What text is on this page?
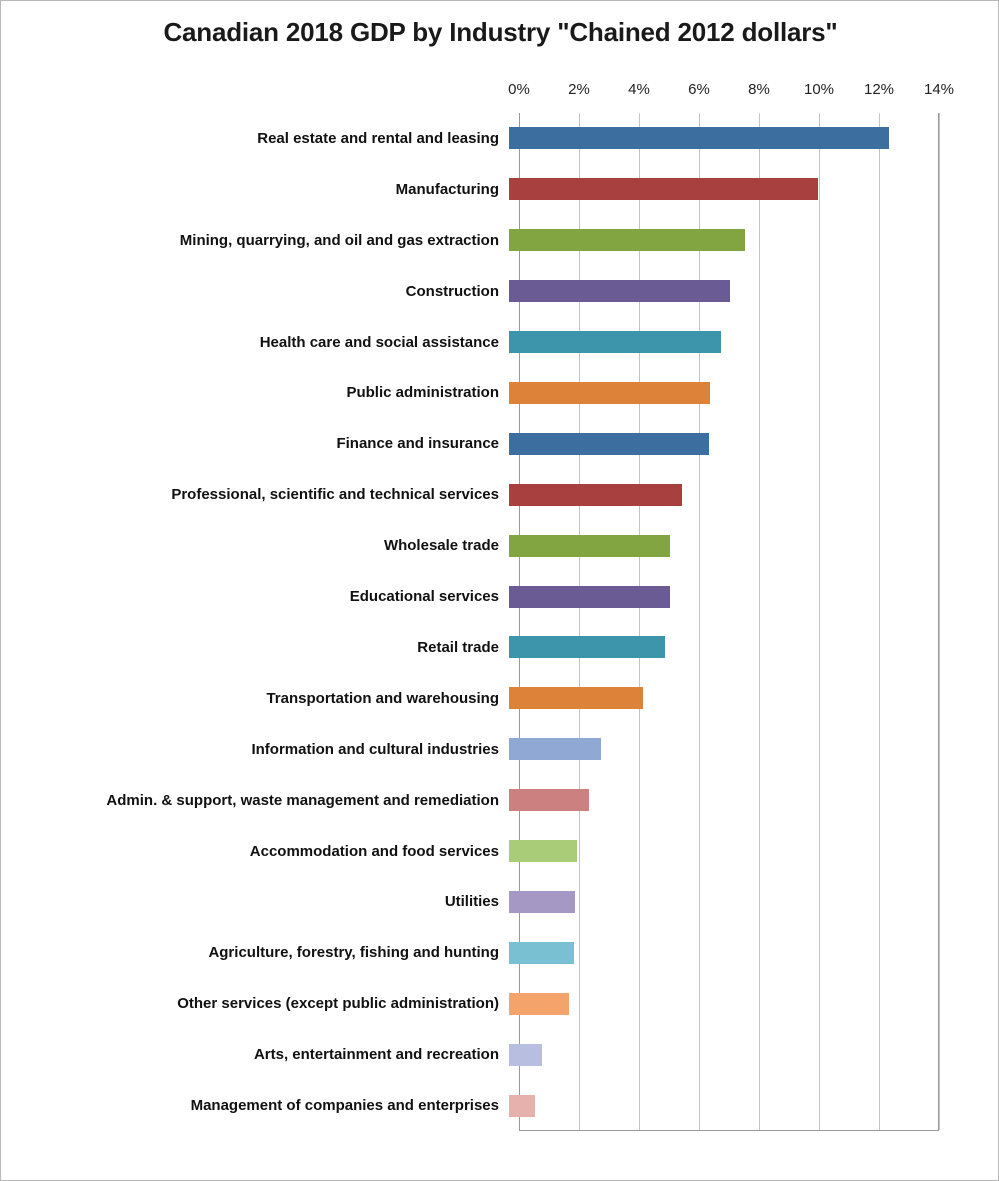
Canadian 2018 GDP by Industry "Chained 2012 dollars"
0%	2%	4%	6%	8% 10% 12% 14%
Real estate and rental and leasing
Manufacturing
Mining, quarrying, and oil and gas extraction
Construction
Health care and social assistance
Public administration
Finance and insurance
Professional, scientific and technical services
Wholesale trade
Educational services
Retail trade
Transportation and warehousing
Information and cultural industries
Admin. & support, waste management and remediation
Accommodation and food services
Utilities
Agriculture, forestry, fishing and hunting
Other services (except public administration)
Arts, entertainment and recreation
Management of companies and enterprises
